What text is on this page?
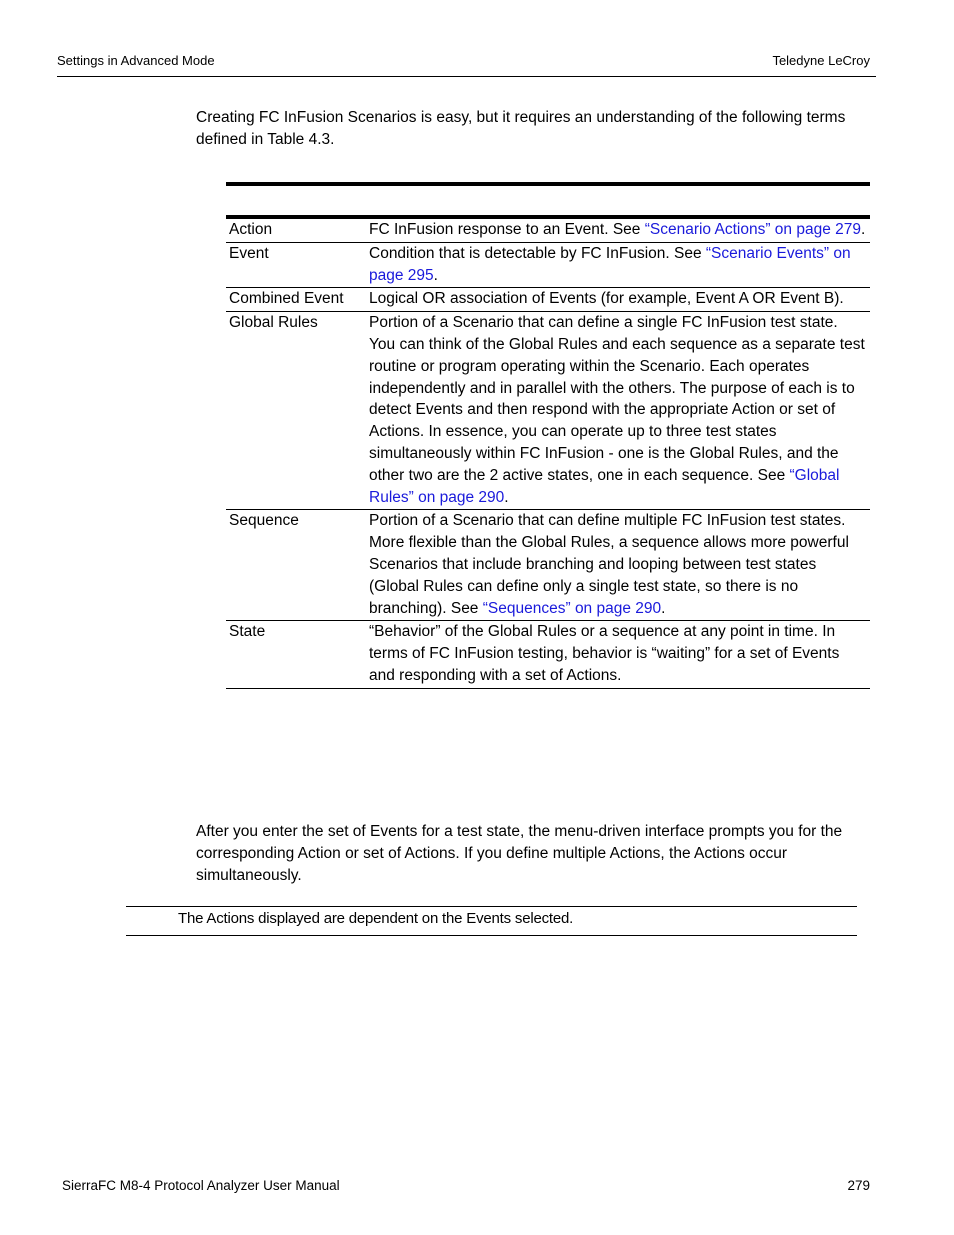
Settings in Advanced Mode	Teledyne LeCroy

Creating FC InFusion Scenarios is easy, but it requires an understanding of the following terms defined in Table 4.3.

Action	FC InFusion response to an Event. See “Scenario Actions” on page 279.
Event	Condition that is detectable by FC InFusion. See “Scenario Events” on page 295.
Combined Event	Logical OR association of Events (for example, Event A OR Event B).
Global Rules	Portion of a Scenario that can define a single FC InFusion test state. You can think of the Global Rules and each sequence as a separate test routine or program operating within the Scenario. Each operates independently and in parallel with the others. The purpose of each is to detect Events and then respond with the appropriate Action or set of Actions. In essence, you can operate up to three test states simultaneously within FC InFusion - one is the Global Rules, and the other two are the 2 active states, one in each sequence. See “Global Rules” on page 290.
Sequence	Portion of a Scenario that can define multiple FC InFusion test states. More flexible than the Global Rules, a sequence allows more powerful Scenarios that include branching and looping between test states (Global Rules can define only a single test state, so there is no branching). See “Sequences” on page 290.
State	“Behavior” of the Global Rules or a sequence at any point in time. In terms of FC InFusion testing, behavior is “waiting” for a set of Events and responding with a set of Actions.

After you enter the set of Events for a test state, the menu-driven interface prompts you for the corresponding Action or set of Actions. If you define multiple Actions, the Actions occur simultaneously.

The Actions displayed are dependent on the Events selected.
SierraFC M8-4 Protocol Analyzer User Manual	279
